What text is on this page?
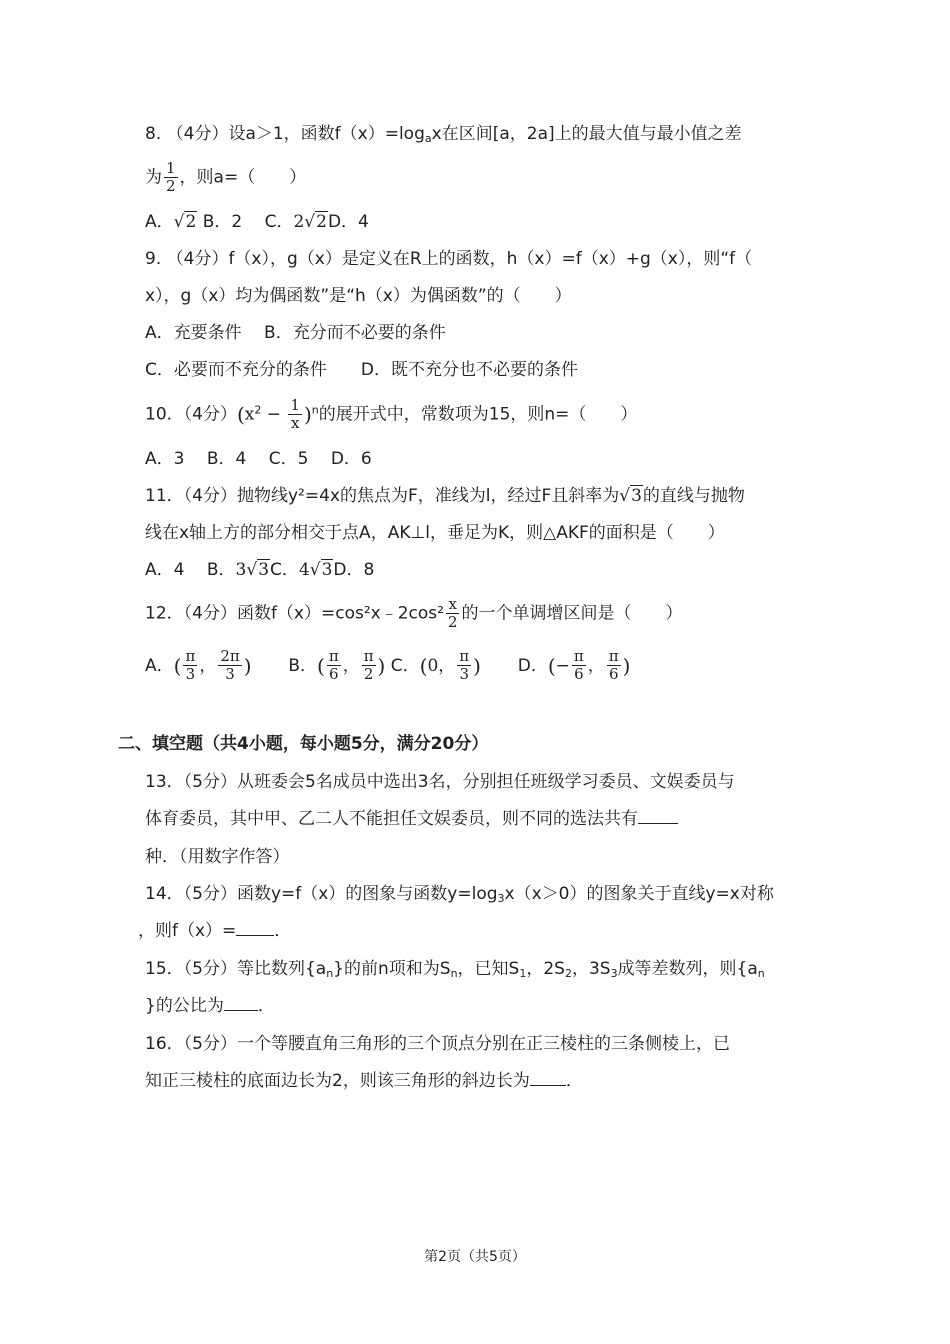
8. （4分）设a＞1，函数$f(x)=\log_ax$在区间[a，2a]上的最大值与最小值之差
为 $\frac{1}{2}$ ，则a=（　　）
A．√2 B．2　 C．2√2D．4
9. （4分）f（x），g（x）是定义在R上的函数，h（x）=f（x）+g（x），则“f（
x），g（x）均为偶函数”是“h（x）为偶函数”的（　　）
A．充要条件　 B．充分而不必要的条件
C．必要而不充分的条件　　D．既不充分也不必要的条件
10．（4分）$(x^2 - \frac{1}{x} )^n$的展开式中，常数项为15，则n=（　　）
A．3　 B．4　 C．5　 D．6
11．（4分）抛物线y²=4x的焦点为F，准线为l，经过F且斜率为√3的直线与抛物
线在x轴上方的部分相交于点A，AK⊥l，垂足为K，则△AKF的面积是（　　）
A．4　 B．3√3C．4√3D．8
12．（4分）函数f（x）=cos²x﹣2cos² $\frac{x}{2}$ 的一个单调增区间是（　　）
A．( $\frac{\pi}{3}$ ， $\frac{2\pi}{3}$ ) B．( $\frac{\pi}{6}$ ， $\frac{\pi}{2}$ ) C．(0， $\frac{\pi}{3}$ ) D．(− $\frac{\pi}{6}$ ， $\frac{\pi}{6}$ )
二、填空题（共4小题，每小题5分，满分20分）
13．（5分）从班委会5名成员中选出3名，分别担任班级学习委员、文娱委员与
体育委员，其中甲、乙二人不能担任文娱委员，则不同的选法共有
种．（用数字作答）
14．（5分）函数y=f（x）的图象与函数$y=\log_3x(x>0)$的图象关于直线y=x对称
，则f（x）= ．
15．（5分）等比数列$\{a_n\}$的前n项和为$S_n$，已知$S_1$，$2S_2$，$3S_3$成等差数列，则{$a_n$
}的公比为 ．
16．（5分）一个等腰直角三角形的三个顶点分别在正三棱柱的三条侧棱上，已
知正三棱柱的底面边长为2，则该三角形的斜边长为 ．
第2页（共5页）
